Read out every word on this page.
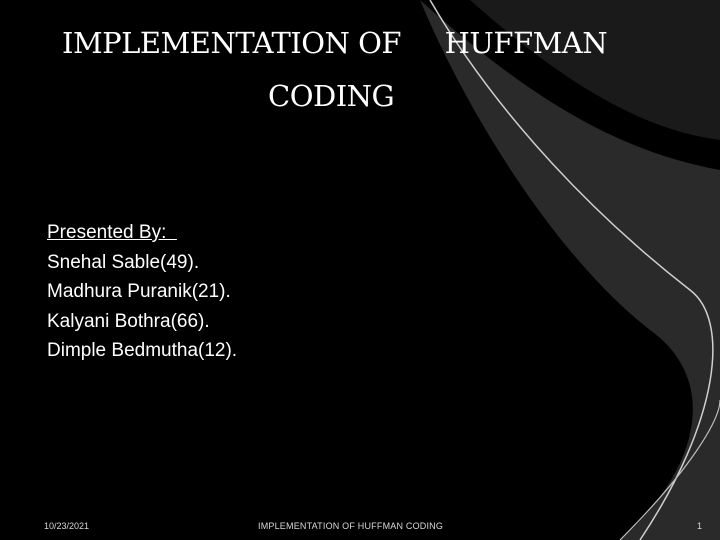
IMPLEMENTATION OF     HUFFMAN
CODING
Presented By:
Snehal Sable(49).
Madhura Puranik(21).
Kalyani Bothra(66).
Dimple Bedmutha(12).
10/23/2021	IMPLEMENTATION OF HUFFMAN CODING	1
